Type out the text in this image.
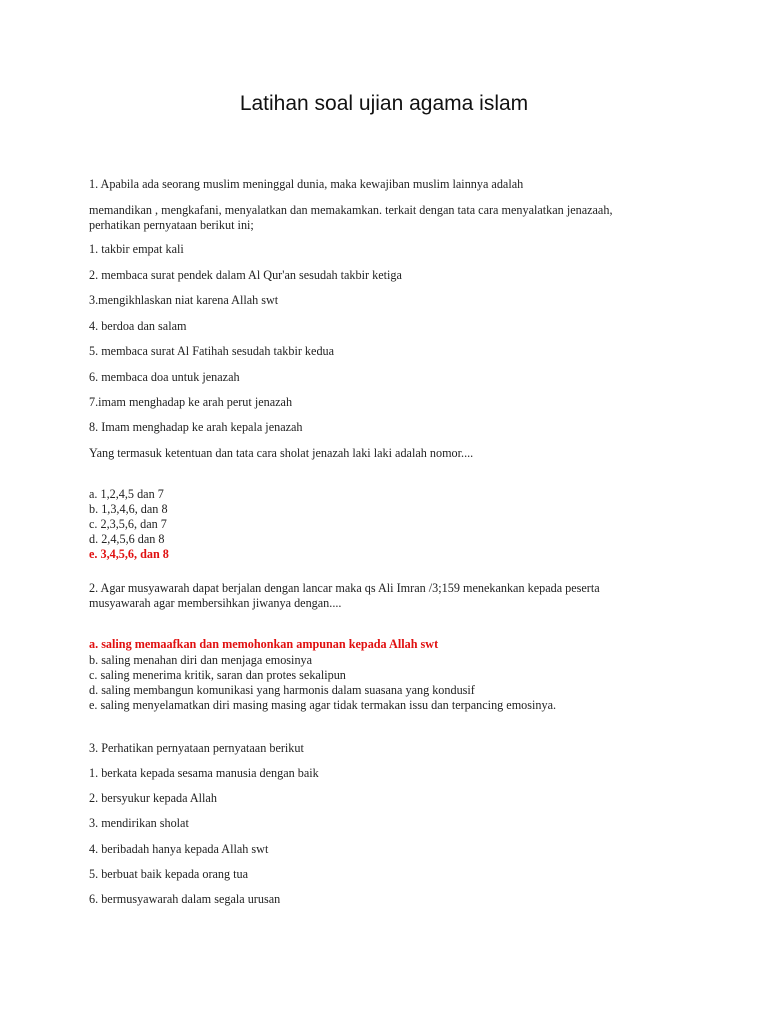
Latihan soal ujian agama islam
1. Apabila ada seorang muslim meninggal dunia, maka kewajiban muslim lainnya adalah
memandikan , mengkafani, menyalatkan dan memakamkan. terkait dengan tata cara menyalatkan jenazaah,
perhatikan pernyataan berikut ini;
1. takbir empat kali
2. membaca surat pendek dalam Al Qur'an sesudah takbir ketiga
3.mengikhlaskan niat karena Allah swt
4. berdoa dan salam
5. membaca surat Al Fatihah sesudah takbir kedua
6. membaca doa untuk jenazah
7.imam menghadap ke arah perut jenazah
8. Imam menghadap ke arah kepala jenazah
Yang termasuk ketentuan dan tata cara sholat jenazah laki laki adalah nomor....
a. 1,2,4,5 dan 7
b. 1,3,4,6, dan 8
c. 2,3,5,6, dan 7
d. 2,4,5,6 dan 8
e. 3,4,5,6, dan 8
2. Agar musyawarah dapat berjalan dengan lancar maka qs Ali Imran /3;159 menekankan kepada peserta
musyawarah agar membersihkan jiwanya dengan....
a. saling memaafkan dan memohonkan ampunan kepada Allah swt
b. saling menahan diri dan menjaga emosinya
c. saling menerima kritik, saran dan protes sekalipun
d. saling membangun komunikasi yang harmonis dalam suasana yang kondusif
e. saling menyelamatkan diri masing masing agar tidak termakan issu dan terpancing emosinya.
3. Perhatikan pernyataan pernyataan berikut
1. berkata kepada sesama manusia dengan baik
2. bersyukur kepada Allah
3. mendirikan sholat
4. beribadah hanya kepada Allah swt
5. berbuat baik kepada orang tua
6. bermusyawarah dalam segala urusan
